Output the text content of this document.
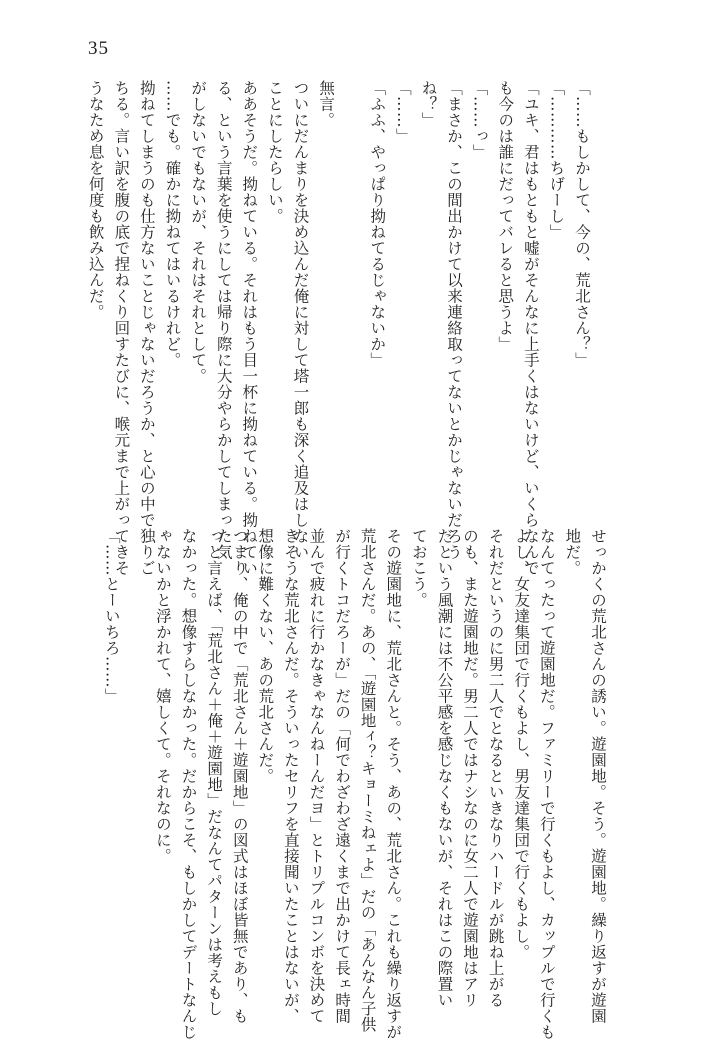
35
「……もしかして、今の、荒北さん？」
「…………ちげーし」
「ユキ、君はもともと嘘がそんなに上手くはないけど、いくらなんで
も今のは誰にだってバレると思うよ」
「……っ」
「まさか、この間出かけて以来連絡取ってないとかじゃないだろう
ね？」
「……」
「ふふ、やっぱり拗ねてるじゃないか」

無言。
ついにだんまりを決め込んだ俺に対して塔一郎も深く追及はしない
ことにしたらしい。
ああそうだ。拗ねている。それはもう目一杯に拗ねている。拗ねてい
る、という言葉を使うにしては帰り際に大分やらかしてしまった気
がしないでもないが、それはそれとして。
……でも。確かに拗ねてはいるけれど。
拗ねてしまうのも仕方ないことじゃないだろうか、と心の中で独りご
ちる。言い訳を腹の底で捏ねくり回すたびに、喉元まで上がってきそ
うなため息を何度も飲み込んだ。
せっかくの荒北さんの誘い。遊園地。そう。遊園地。繰り返すが遊園
地だ。
なんてったって遊園地だ。ファミリーで行くもよし、カップルで行くも
よし、女友達集団で行くもよし、男友達集団で行くもよし。
それだというのに男二人でとなるといきなりハードルが跳ね上がる
のも、また遊園地だ。男二人ではナシなのに女二人で遊園地はアリ
だという風潮には不公平感を感じなくもないが、それはこの際置い
ておこう。
その遊園地に、荒北さんと。そう、あの、荒北さん。これも繰り返すが
荒北さんだ。あの、「遊園地ィ？キョーミねェよ」だの「あんなん子供
が行くトコだろーが」だの「何でわざわざ遠くまで出かけて長ェ時間
並んで疲れに行かなきゃなんねーんだヨ」とトリプルコンボを決めて
きそうな荒北さんだ。そういったセリフを直接聞いたことはないが、
想像に難くない、あの荒北さんだ。
つまり、俺の中で「荒北さん＋遊園地」の図式はほぼ皆無であり、も
っと言えば、「荒北さん＋俺＋遊園地」だなんてパターンは考えもし
なかった。想像すらしなかった。だからこそ、もしかしてデートなんじ
ゃないかと浮かれて、嬉しくて。それなのに。

「……とーいちろ……」
